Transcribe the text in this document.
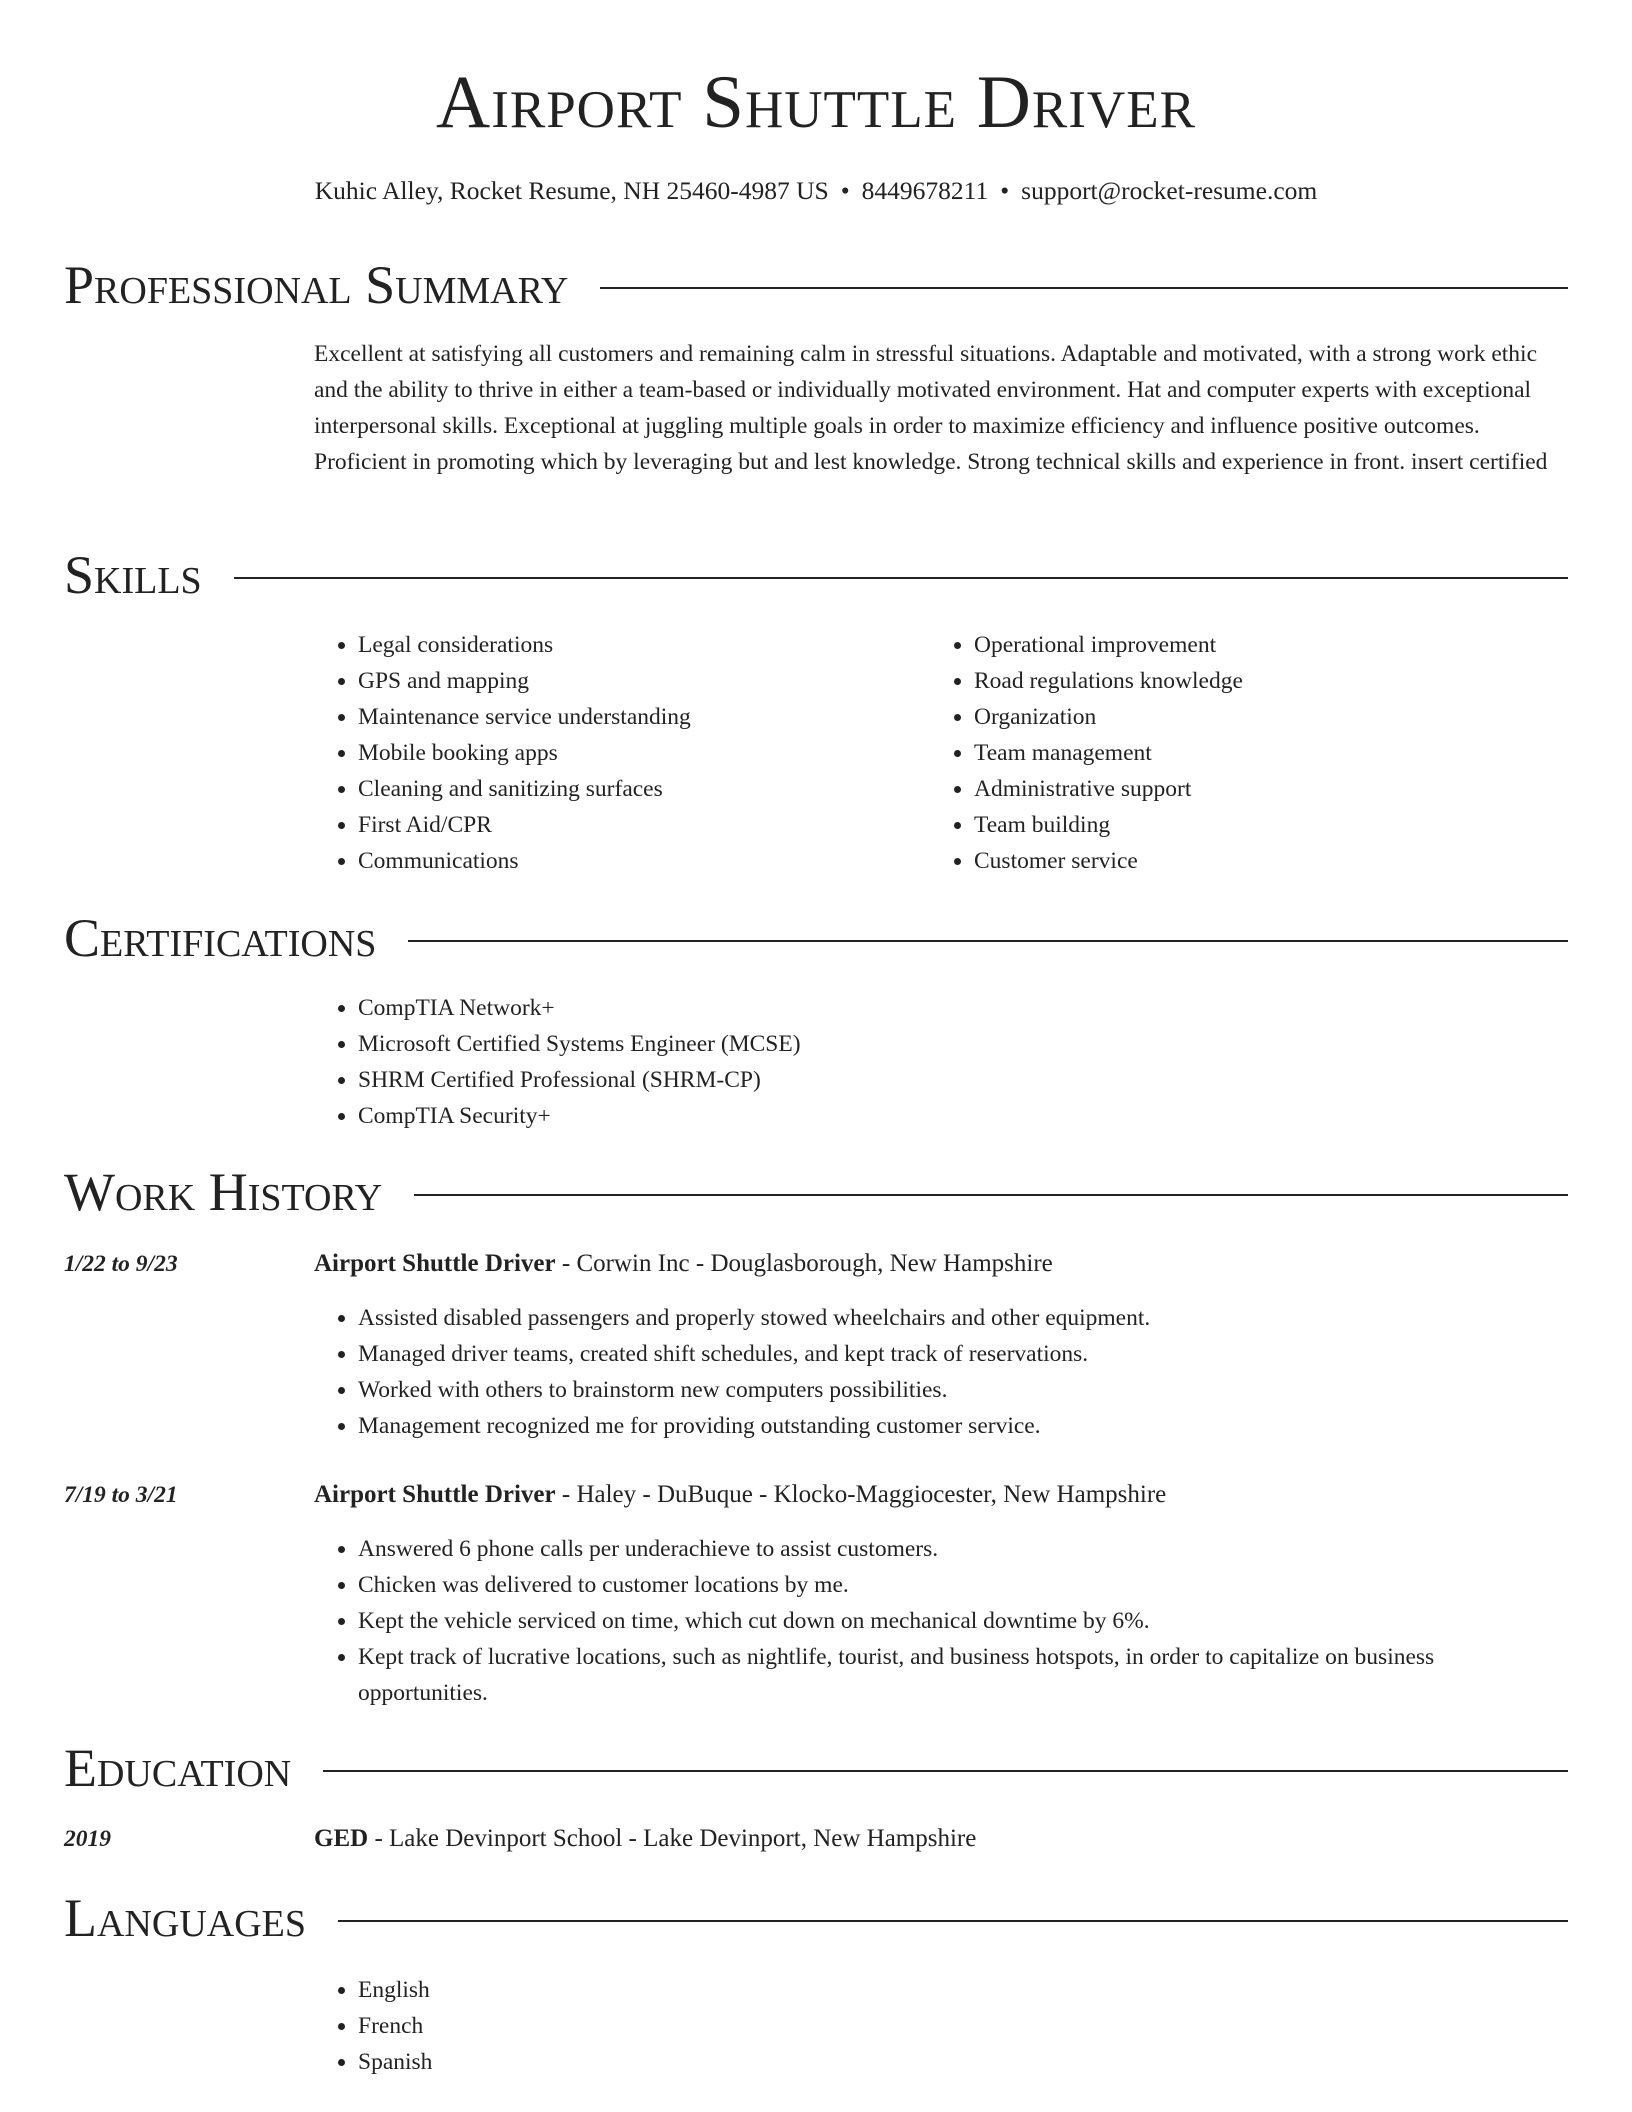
Airport Shuttle Driver
Kuhic Alley, Rocket Resume, NH 25460-4987 US • 8449678211 • support@rocket-resume.com
Professional Summary
Excellent at satisfying all customers and remaining calm in stressful situations. Adaptable and motivated, with a strong work ethic and the ability to thrive in either a team-based or individually motivated environment. Hat and computer experts with exceptional interpersonal skills. Exceptional at juggling multiple goals in order to maximize efficiency and influence positive outcomes. Proficient in promoting which by leveraging but and lest knowledge. Strong technical skills and experience in front. insert certified
Skills
• Legal considerations
• GPS and mapping
• Maintenance service understanding
• Mobile booking apps
• Cleaning and sanitizing surfaces
• First Aid/CPR
• Communications
• Operational improvement
• Road regulations knowledge
• Organization
• Team management
• Administrative support
• Team building
• Customer service
Certifications
• CompTIA Network+
• Microsoft Certified Systems Engineer (MCSE)
• SHRM Certified Professional (SHRM-CP)
• CompTIA Security+
Work History
1/22 to 9/23	Airport Shuttle Driver - Corwin Inc - Douglasborough, New Hampshire
• Assisted disabled passengers and properly stowed wheelchairs and other equipment.
• Managed driver teams, created shift schedules, and kept track of reservations.
• Worked with others to brainstorm new computers possibilities.
• Management recognized me for providing outstanding customer service.
7/19 to 3/21	Airport Shuttle Driver - Haley - DuBuque - Klocko-Maggiocester, New Hampshire
• Answered 6 phone calls per underachieve to assist customers.
• Chicken was delivered to customer locations by me.
• Kept the vehicle serviced on time, which cut down on mechanical downtime by 6%.
• Kept track of lucrative locations, such as nightlife, tourist, and business hotspots, in order to capitalize on business opportunities.
Education
2019	GED - Lake Devinport School - Lake Devinport, New Hampshire
Languages
• English
• French
• Spanish
